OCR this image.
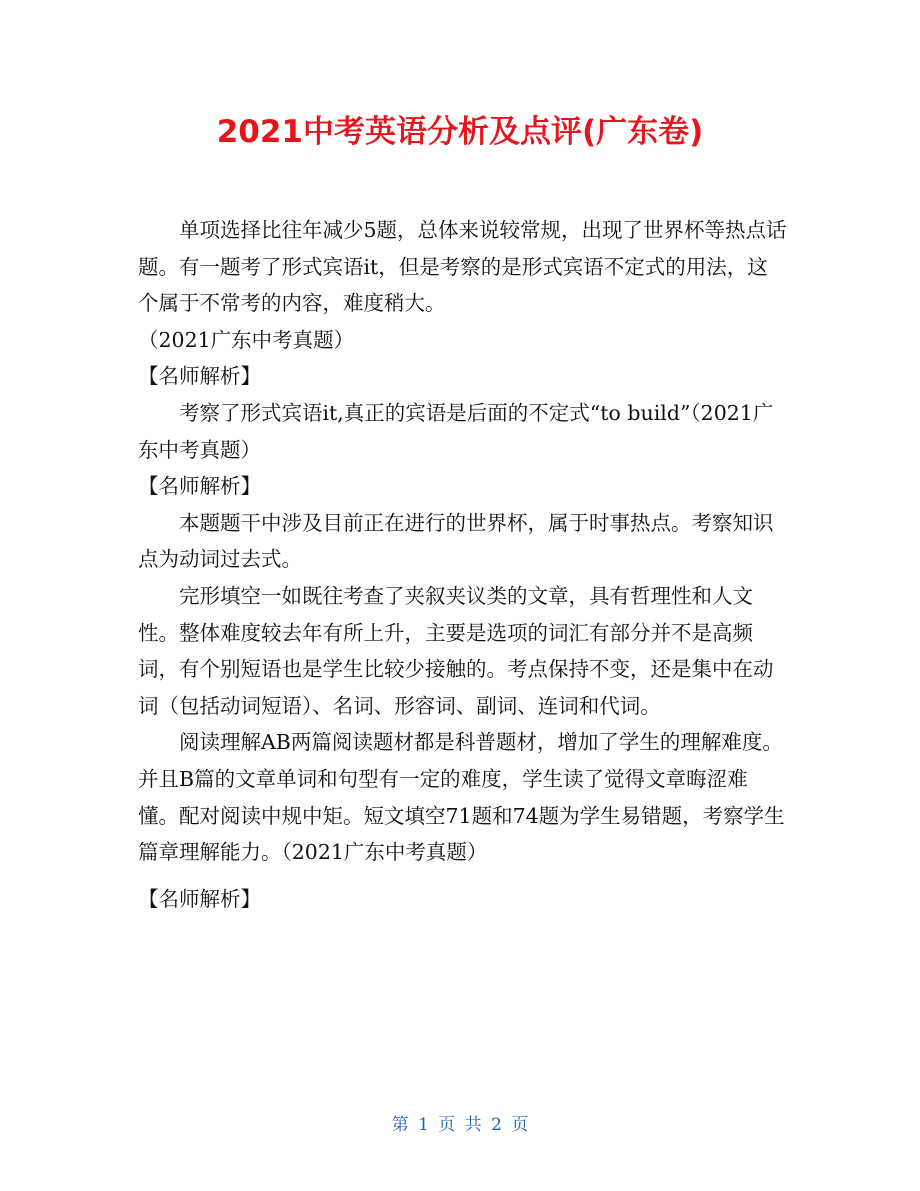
2021中考英语分析及点评(广东卷)

单项选择比往年减少5题，总体来说较常规，出现了世界杯等热点话题。有一题考了形式宾语it，但是考察的是形式宾语不定式的用法，这个属于不常考的内容，难度稍大。

（2021广东中考真题）

【名师解析】

考察了形式宾语it,真正的宾语是后面的不定式“to build”（2021广东中考真题）

【名师解析】

本题题干中涉及目前正在进行的世界杯，属于时事热点。考察知识点为动词过去式。

完形填空一如既往考查了夹叙夹议类的文章，具有哲理性和人文性。整体难度较去年有所上升，主要是选项的词汇有部分并不是高频词，有个别短语也是学生比较少接触的。考点保持不变，还是集中在动词（包括动词短语）、名词、形容词、副词、连词和代词。

阅读理解AB两篇阅读题材都是科普题材，增加了学生的理解难度。并且B篇的文章单词和句型有一定的难度，学生读了觉得文章晦涩难懂。配对阅读中规中矩。短文填空71题和74题为学生易错题，考察学生篇章理解能力。（2021广东中考真题）

【名师解析】

第 1 页 共 2 页
